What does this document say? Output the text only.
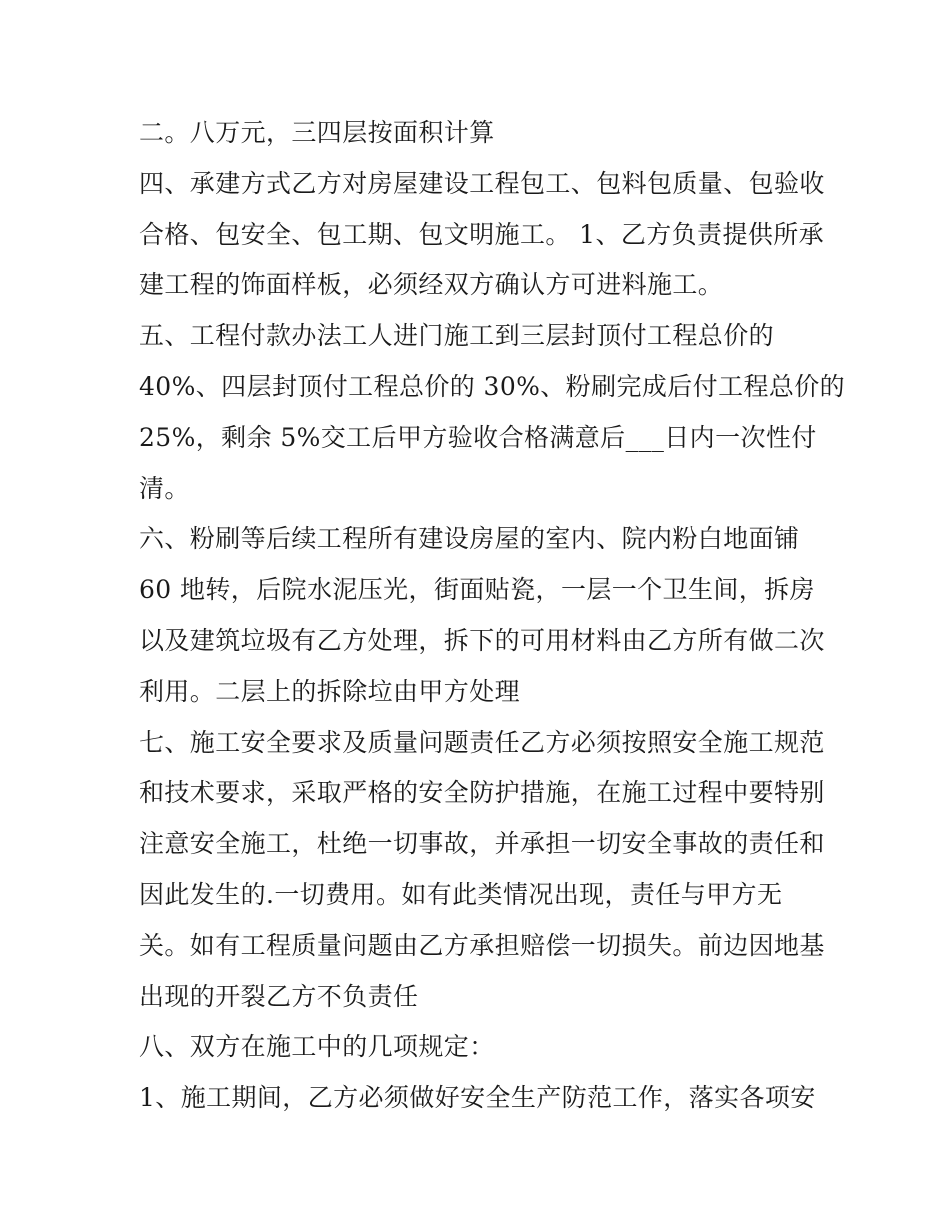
二。八万元，三四层按面积计算
四、承建方式乙方对房屋建设工程包工、包料包质量、包验收
合格、包安全、包工期、包文明施工。 1、乙方负责提供所承
建工程的饰面样板，必须经双方确认方可进料施工。
五、工程付款办法工人进门施工到三层封顶付工程总价的
40%、四层封顶付工程总价的 30%、粉刷完成后付工程总价的
25%，剩余 5%交工后甲方验收合格满意后___日内一次性付
清。
六、粉刷等后续工程所有建设房屋的室内、院内粉白地面铺
60 地转，后院水泥压光，街面贴瓷，一层一个卫生间，拆房
以及建筑垃圾有乙方处理，拆下的可用材料由乙方所有做二次
利用。二层上的拆除垃由甲方处理
七、施工安全要求及质量问题责任乙方必须按照安全施工规范
和技术要求，采取严格的安全防护措施，在施工过程中要特别
注意安全施工，杜绝一切事故，并承担一切安全事故的责任和
因此发生的.一切费用。如有此类情况出现，责任与甲方无
关。如有工程质量问题由乙方承担赔偿一切损失。前边因地基
出现的开裂乙方不负责任
八、双方在施工中的几项规定：
1、施工期间，乙方必须做好安全生产防范工作，落实各项安
